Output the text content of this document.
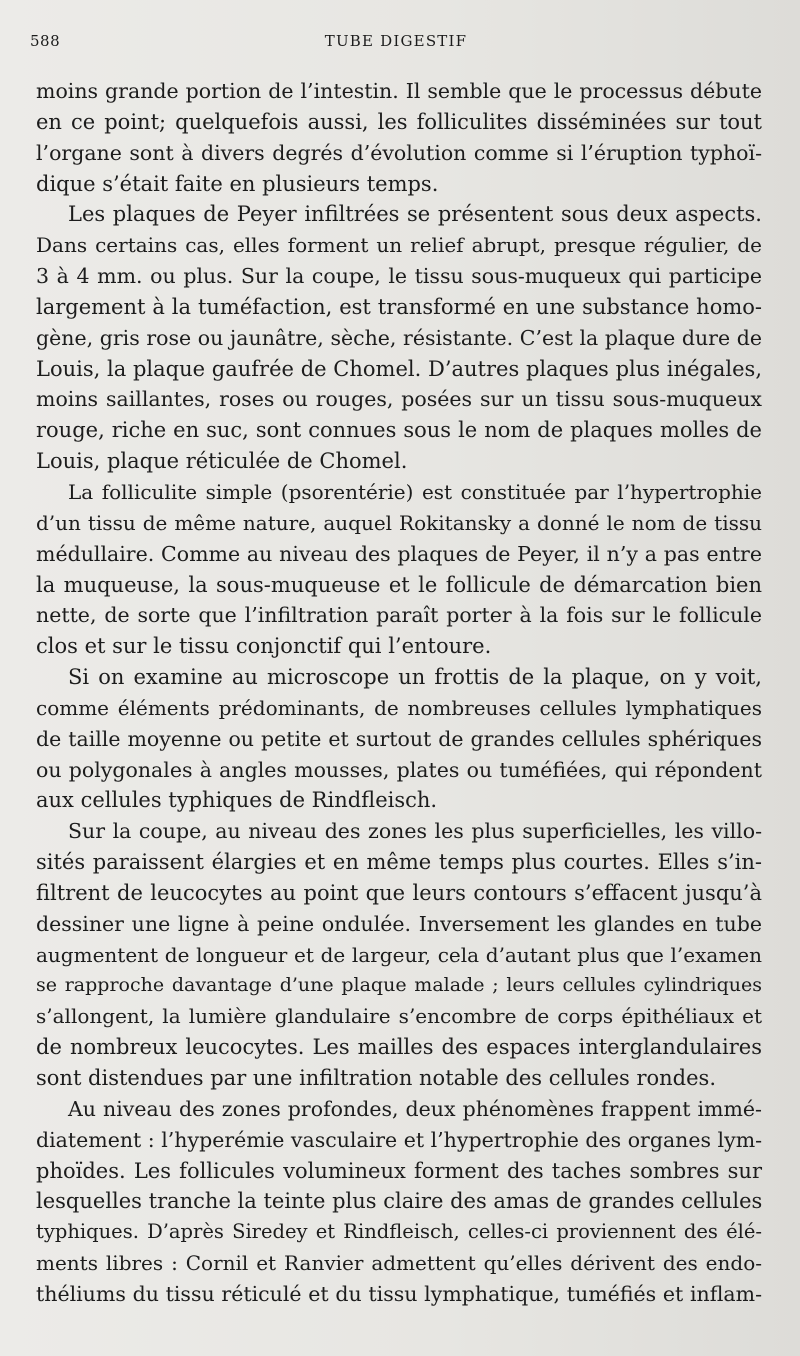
588	TUBE DIGESTIF
moins grande portion de l’intestin. Il semble que le processus débute
en ce point; quelquefois aussi, les folliculites disséminées sur tout
l’organe sont à divers degrés d’évolution comme si l’éruption typhoï-
dique s’était faite en plusieurs temps.
Les plaques de Peyer infiltrées se présentent sous deux aspects.
Dans certains cas, elles forment un relief abrupt, presque régulier, de
3 à 4 mm. ou plus. Sur la coupe, le tissu sous-muqueux qui participe
largement à la tuméfaction, est transformé en une substance homo-
gène, gris rose ou jaunâtre, sèche, résistante. C’est la plaque dure de
Louis, la plaque gaufrée de Chomel. D’autres plaques plus inégales,
moins saillantes, roses ou rouges, posées sur un tissu sous-muqueux
rouge, riche en suc, sont connues sous le nom de plaques molles de
Louis, plaque réticulée de Chomel.
La folliculite simple (psorentérie) est constituée par l’hypertrophie
d’un tissu de même nature, auquel Rokitansky a donné le nom de tissu
médullaire. Comme au niveau des plaques de Peyer, il n’y a pas entre
la muqueuse, la sous-muqueuse et le follicule de démarcation bien
nette, de sorte que l’infiltration paraît porter à la fois sur le follicule
clos et sur le tissu conjonctif qui l’entoure.
Si on examine au microscope un frottis de la plaque, on y voit,
comme éléments prédominants, de nombreuses cellules lymphatiques
de taille moyenne ou petite et surtout de grandes cellules sphériques
ou polygonales à angles mousses, plates ou tuméfiées, qui répondent
aux cellules typhiques de Rindfleisch.
Sur la coupe, au niveau des zones les plus superficielles, les villo-
sités paraissent élargies et en même temps plus courtes. Elles s’in-
filtrent de leucocytes au point que leurs contours s’effacent jusqu’à
dessiner une ligne à peine ondulée. Inversement les glandes en tube
augmentent de longueur et de largeur, cela d’autant plus que l’examen
se rapproche davantage d’une plaque malade ; leurs cellules cylindriques
s’allongent, la lumière glandulaire s’encombre de corps épithéliaux et
de nombreux leucocytes. Les mailles des espaces interglandulaires
sont distendues par une infiltration notable des cellules rondes.
Au niveau des zones profondes, deux phénomènes frappent immé-
diatement : l’hyperémie vasculaire et l’hypertrophie des organes lym-
phoïdes. Les follicules volumineux forment des taches sombres sur
lesquelles tranche la teinte plus claire des amas de grandes cellules
typhiques. D’après Siredey et Rindfleisch, celles-ci proviennent des élé-
ments libres : Cornil et Ranvier admettent qu’elles dérivent des endo-
théliums du tissu réticulé et du tissu lymphatique, tuméfiés et inflam-
